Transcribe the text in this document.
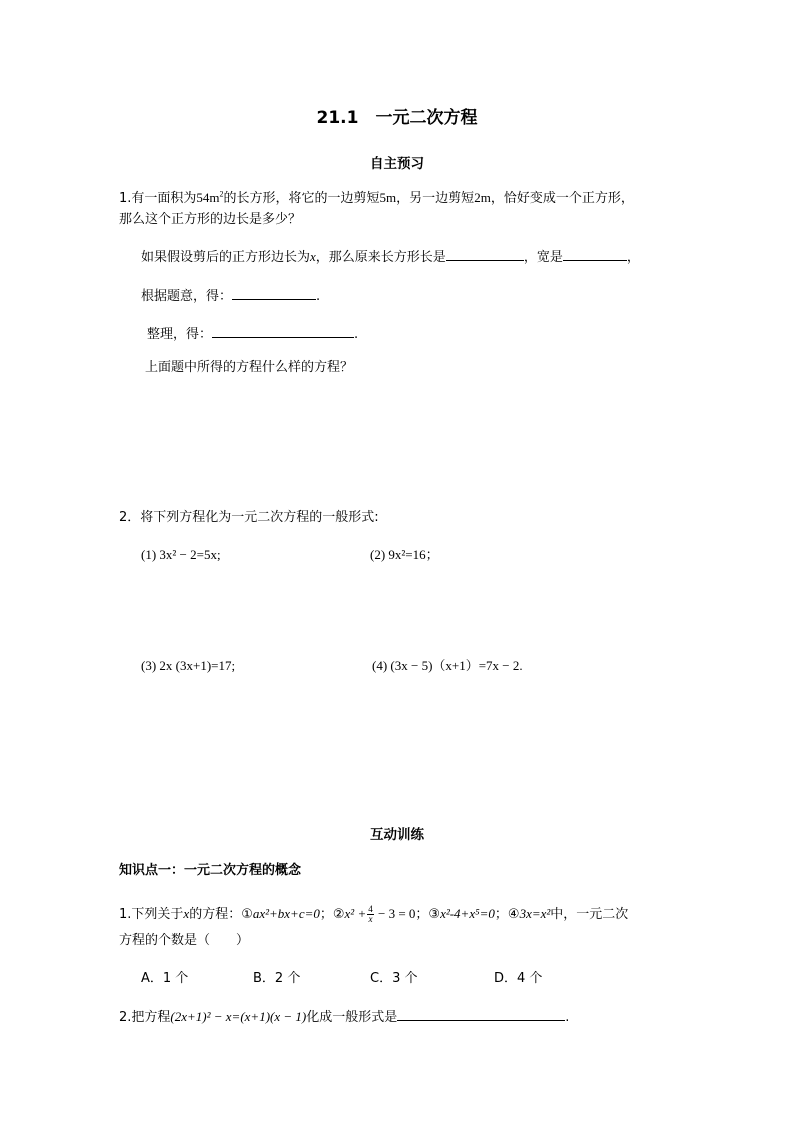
21.1　一元二次方程
自主预习
1.有一面积为$54m^2$的长方形，将它的一边剪短5m，另一边剪短2m，恰好变成一个正方形，
那么这个正方形的边长是多少？
如果假设剪后的正方形边长为x，那么原来长方形长是	，宽是	，
根据题意，得：	.
整理，得：	.
上面题中所得的方程什么样的方程？
2．将下列方程化为一元二次方程的一般形式:
(1) 3x² − 2=5x;	(2) 9x²=16；
(3) 2x (3x+1)=17;	(4) (3x − 5)（x+1）=7x − 2.
互动训练
知识点一：一元二次方程的概念
1.下列关于x的方程：①ax²+bx+c=0；②x² + $\frac{4}{x} - 3 = 0$；③x²-4+x⁵=0；④3x=x²中，一元二次
方程的个数是（　　）
A．1 个	B．2 个	C．3 个	D．4 个
2.把方程(2x+1)² − x=(x+1)(x − 1)化成一般形式是	.
